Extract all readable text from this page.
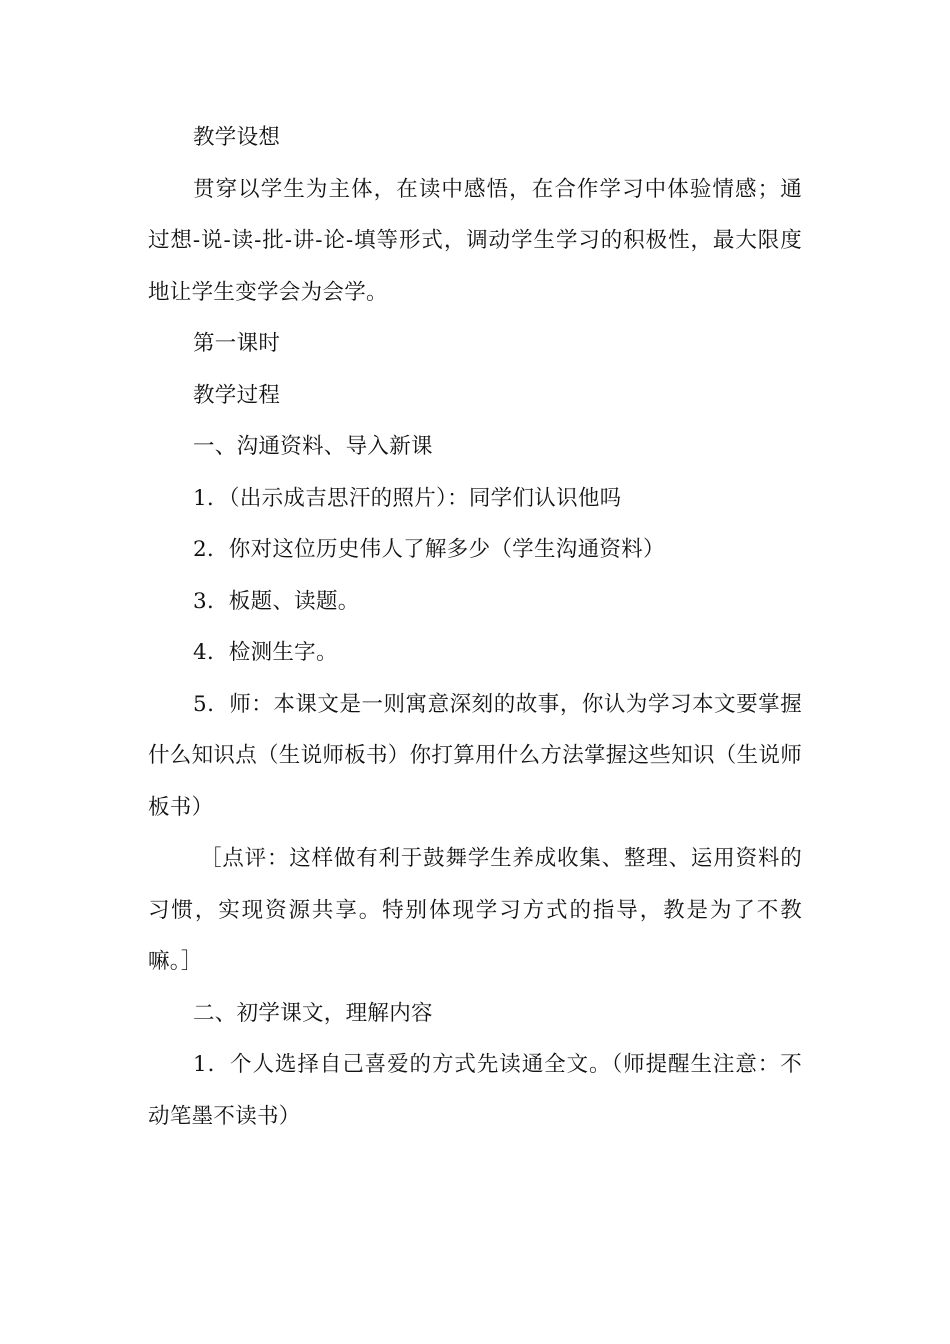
教学设想

贯穿以学生为主体，在读中感悟，在合作学习中体验情感；通过想-说-读-批-讲-论-填等形式，调动学生学习的积极性，最大限度地让学生变学会为会学。

第一课时

教学过程

一、沟通资料、导入新课

1．（出示成吉思汗的照片）：同学们认识他吗

2．你对这位历史伟人了解多少（学生沟通资料）

3．板题、读题。

4．检测生字。

5．师：本课文是一则寓意深刻的故事，你认为学习本文要掌握什么知识点（生说师板书）你打算用什么方法掌握这些知识（生说师板书）

［点评：这样做有利于鼓舞学生养成收集、整理、运用资料的习惯，实现资源共享。特别体现学习方式的指导，教是为了不教嘛。］

二、初学课文，理解内容

1．个人选择自己喜爱的方式先读通全文。（师提醒生注意：不动笔墨不读书）
